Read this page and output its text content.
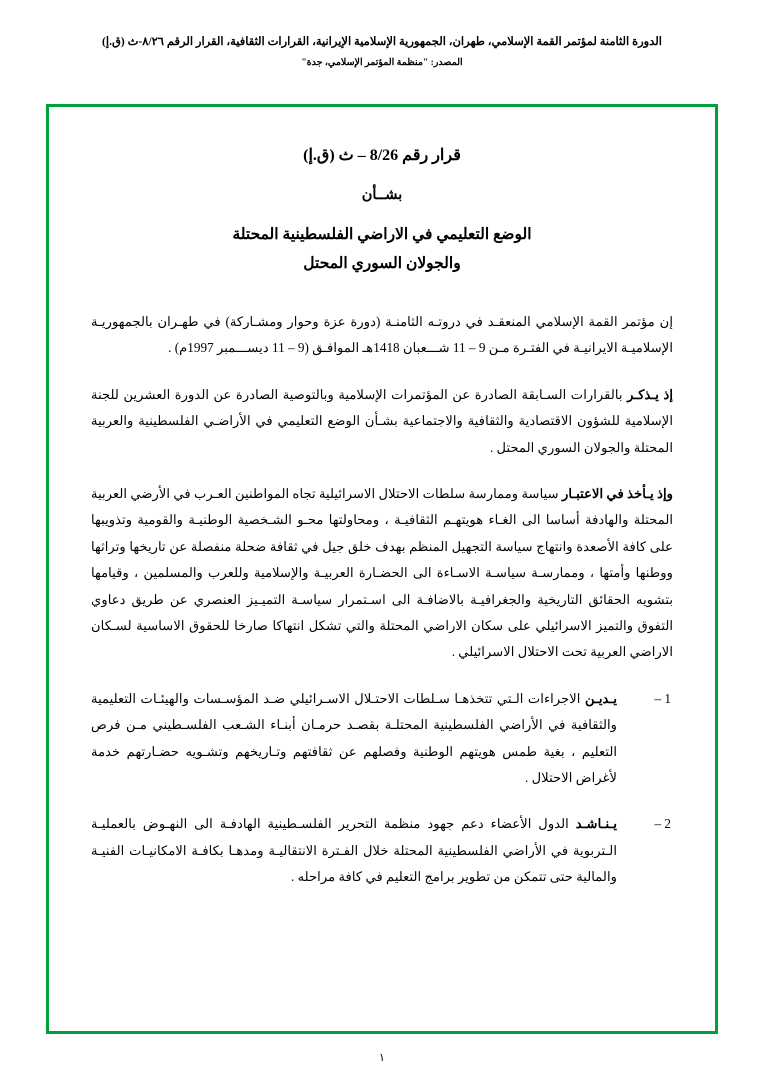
الدورة الثامنة لمؤتمر القمة الإسلامي، طهران، الجمهورية الإسلامية الإيرانية، القرارات الثقافية، القرار الرقم ٨/٢٦-ث (ق.إ)
المصدر: "منظمة المؤتمر الإسلامي، جدة"
قرار رقم 8/26 – ث (ق.إ)
بشــأن
الوضع التعليمي في الاراضي الفلسطينية المحتلة
والجولان السوري المحتل
إن مؤتمر القمة الإسلامي المنعقـد في دروتـه الثامنـة (دورة عزة وحوار ومشـاركة) في طهـران بالجمهوريـة الإسلاميـة الايرانيـة في الفتـرة مـن 9 – 11 شـــعبان 1418هـ الموافـق (9 – 11 ديســـمبر 1997م) .
إذ يـذكـر بالقرارات السـابقة الصادرة عن المؤتمرات الإسلامية وبالتوصية الصادرة عن الدورة العشرين للجنة الإسلامية للشؤون الاقتصادية والثقافية والاجتماعية بشـأن الوضع التعليمي في الأراضـي الفلسطينية والعربية المحتلة والجولان السوري المحتل .
وإذ يـأخذ في الاعتبـار سياسة وممارسة سلطات الاحتلال الاسرائيلية تجاه المواطنين العـرب في الأرضي العربية المحتلة والهادفة أساسا الى الغـاء هويتهـم الثقافيـة ، ومحاولتها محـو الشـخصية الوطنيـة والقومية وتذويبها على كافة الأصعدة وانتهاج سياسة التجهيل المنظم بهدف خلق جيل في ثقافة ضحلة منفصلة عن تاريخها وتراثها ووطنها وأمتها ، وممارسـة سياسـة الاسـاءة الى الحضـارة العربيـة والإسلامية وللعرب والمسلمين ، وقيامها بتشويه الحقائق التاريخية والجغرافيـة بالاضافـة الى اسـتمرار سياسـة التميـيز العنصري عن طريق دعاوي التفوق والتميز الاسرائيلي على سكان الاراضي المحتلة والتي تشكل انتهاكا صارخا للحقوق الاساسية لسـكان الاراضي العربية تحت الاحتلال الاسرائيلي .
1 –
يـديـن الاجراءات الـتي تتخذهـا سـلطات الاحتـلال الاسـرائيلي ضـد المؤسـسات والهيئـات التعليمية والثقافية في الأراضي الفلسطينية المحتلـة بقصـد حرمـان أبنـاء الشـعب الفلسـطيني مـن فرص التعليم ، بغية طمس هويتهم الوطنية وفصلهم عن ثقافتهم وتـاريخهم وتشـويه حضـارتهم خدمة لأغراض الاحتلال .
2 –
يـنـاشـد الدول الأعضاء دعم جهود منظمة التحرير الفلسـطينية الهادفـة الى النهـوض بالعمليـة الـتربوية في الأراضي الفلسطينية المحتلة خلال الفـترة الانتقاليـة ومدهـا بكافـة الامكانيـات الفنيـة والمالية حتى تتمكن من تطوير برامج التعليم في كافة مراحله .
١
